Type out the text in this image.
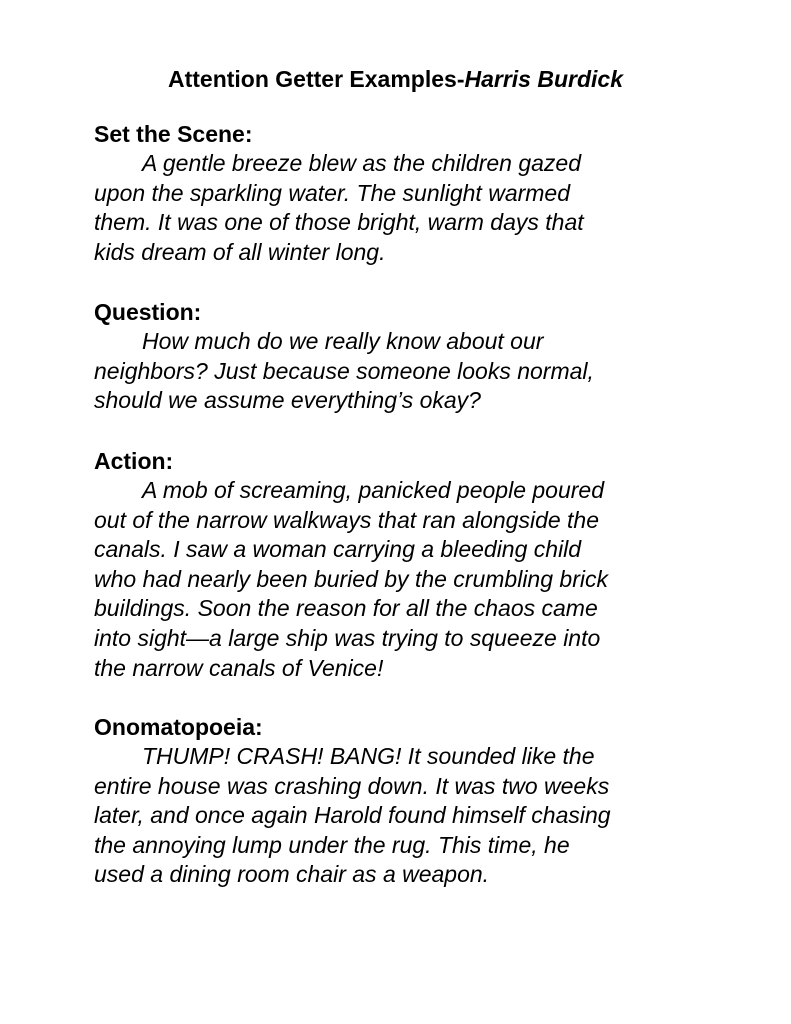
Attention Getter Examples-Harris Burdick

Set the Scene:

A gentle breeze blew as the children gazed
upon the sparkling water. The sunlight warmed
them. It was one of those bright, warm days that
kids dream of all winter long.

Question:

How much do we really know about our
neighbors? Just because someone looks normal,
should we assume everything’s okay?

Action:

A mob of screaming, panicked people poured
out of the narrow walkways that ran alongside the
canals. I saw a woman carrying a bleeding child
who had nearly been buried by the crumbling brick
buildings. Soon the reason for all the chaos came
into sight—a large ship was trying to squeeze into
the narrow canals of Venice!

Onomatopoeia:

THUMP! CRASH! BANG! It sounded like the
entire house was crashing down. It was two weeks
later, and once again Harold found himself chasing
the annoying lump under the rug. This time, he
used a dining room chair as a weapon.
